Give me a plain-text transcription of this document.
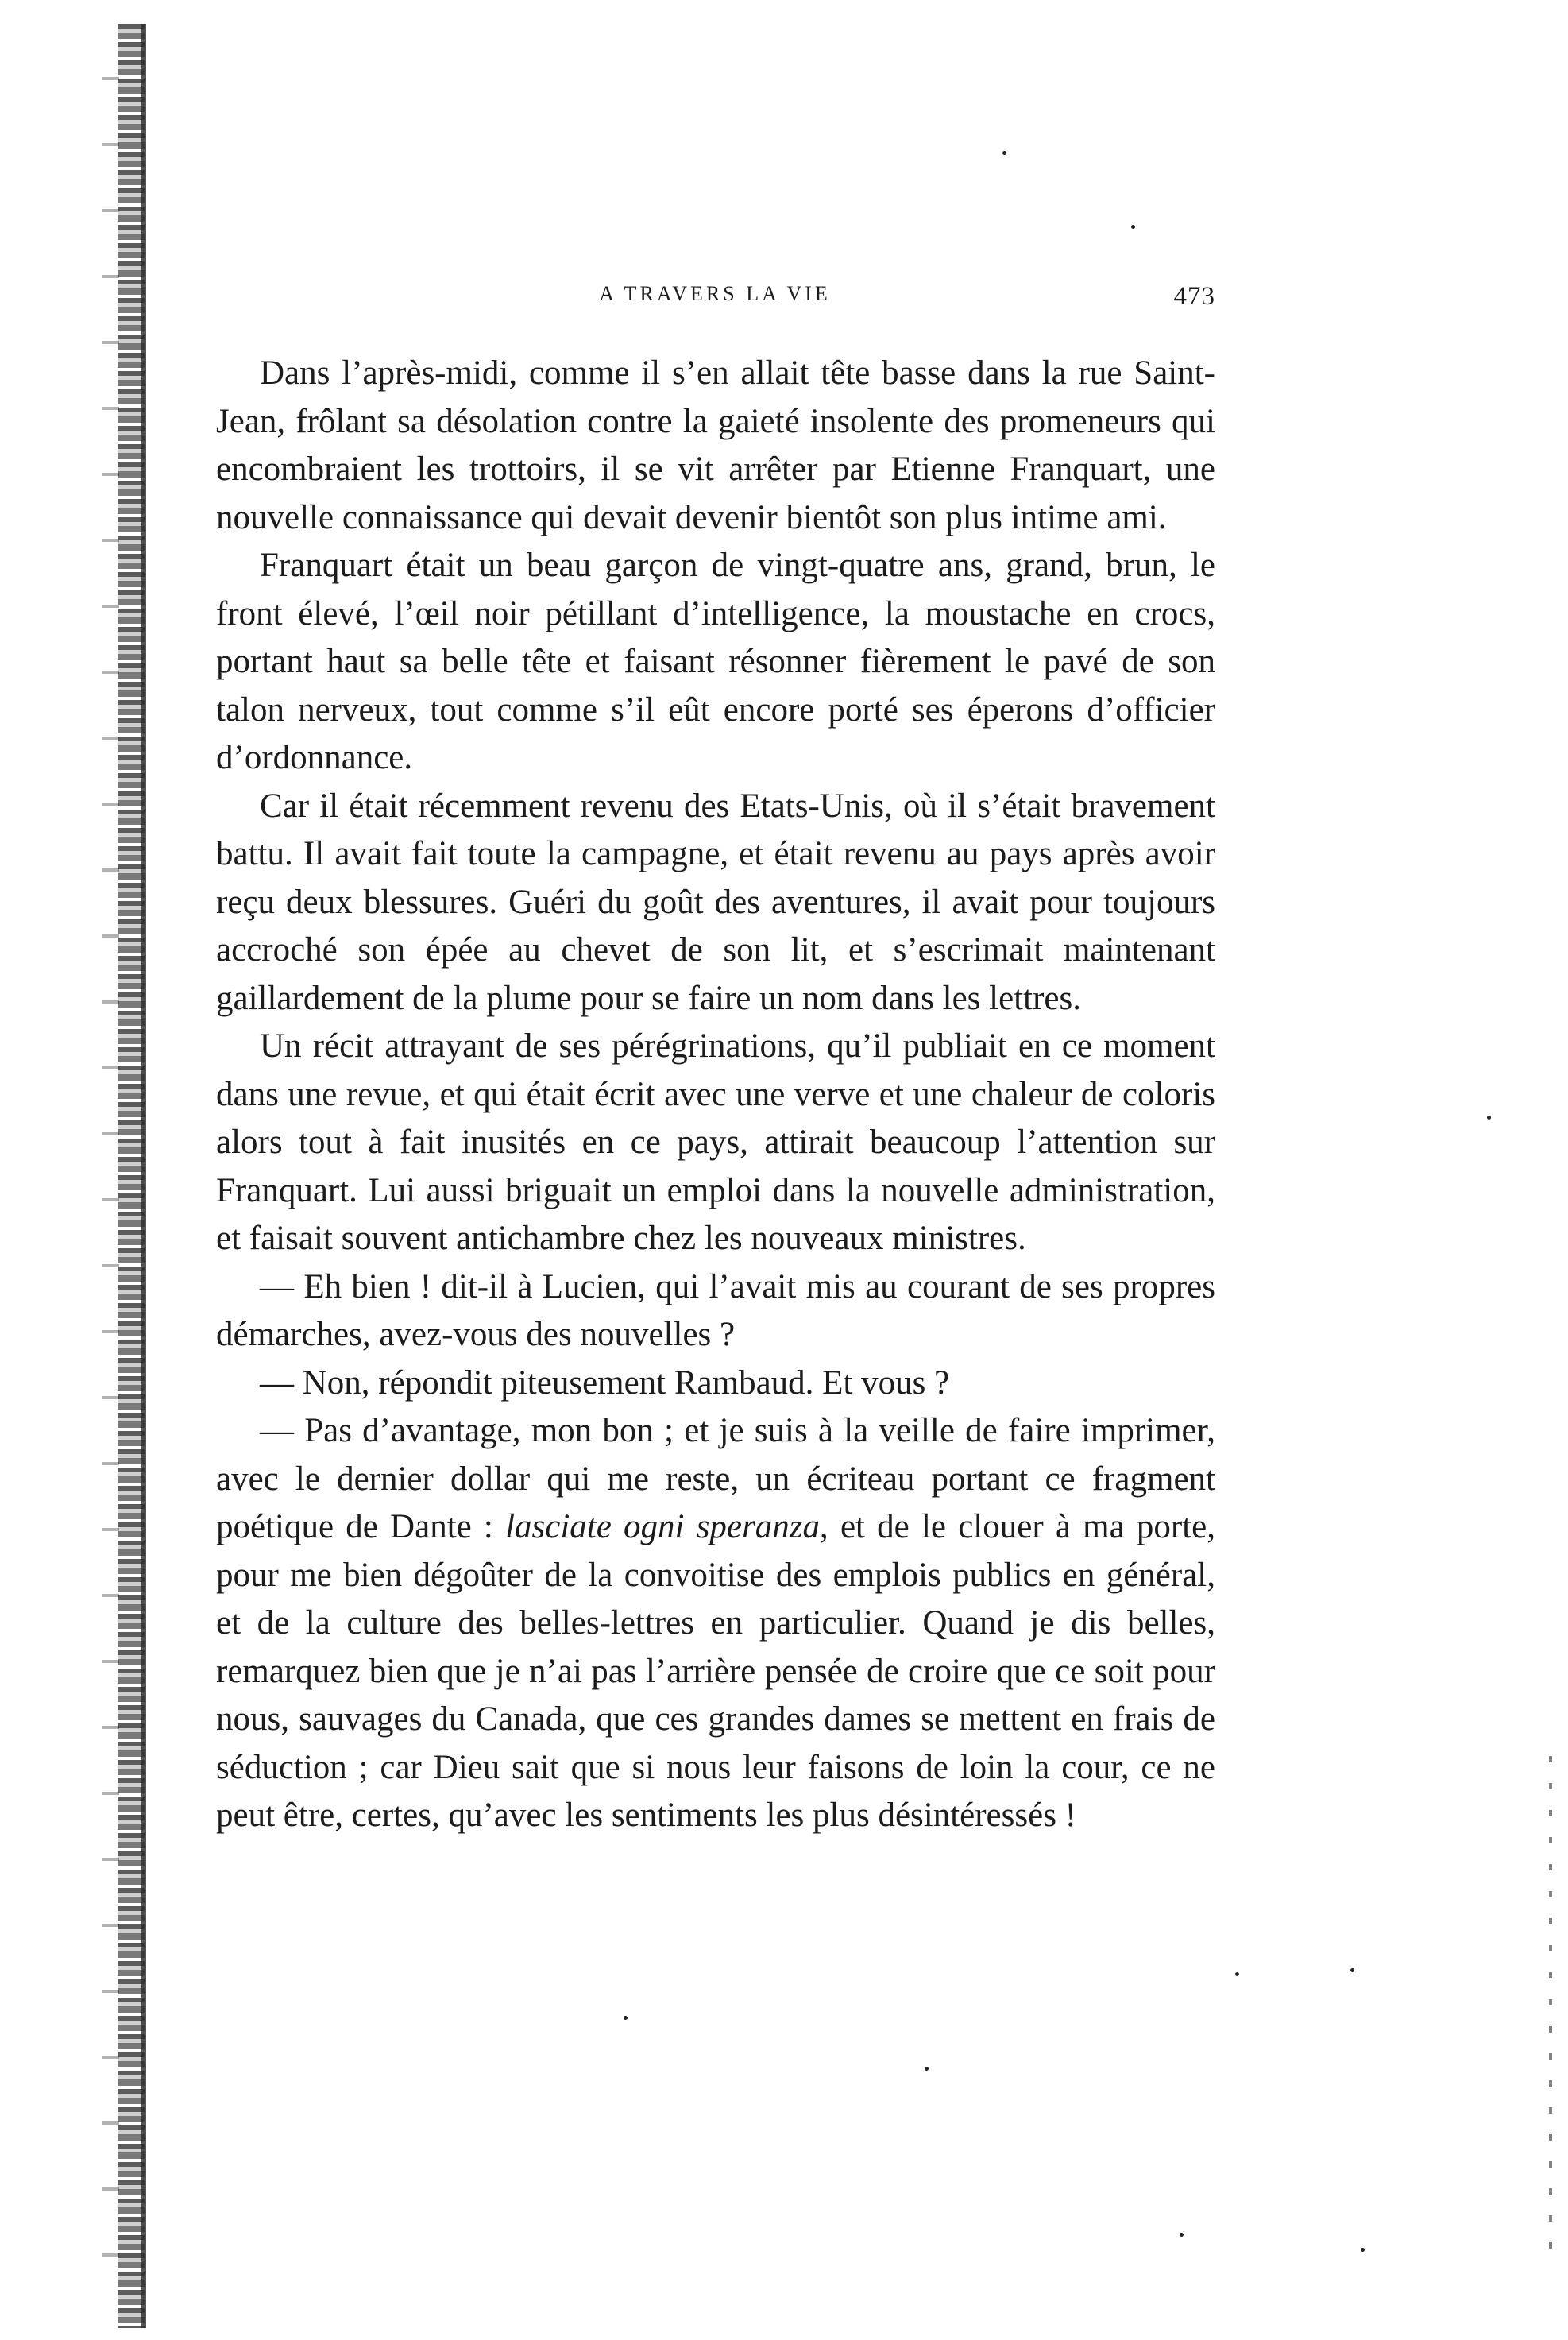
A TRAVERS LA VIE	473

Dans l’après-midi, comme il s’en allait tête basse dans la rue Saint-Jean, frôlant sa désolation contre la gaieté insolente des promeneurs qui encombraient les trottoirs, il se vit arrêter par Etienne Franquart, une nouvelle connaissance qui devait devenir bientôt son plus intime ami.

Franquart était un beau garçon de vingt-quatre ans, grand, brun, le front élevé, l’œil noir pétillant d’intelligence, la moustache en crocs, portant haut sa belle tête et faisant résonner fièrement le pavé de son talon nerveux, tout comme s’il eût encore porté ses éperons d’officier d’ordonnance.

Car il était récemment revenu des Etats-Unis, où il s’était bravement battu. Il avait fait toute la campagne, et était revenu au pays après avoir reçu deux blessures. Guéri du goût des aventures, il avait pour toujours accroché son épée au chevet de son lit, et s’escrimait maintenant gaillardement de la plume pour se faire un nom dans les lettres.

Un récit attrayant de ses pérégrinations, qu’il publiait en ce moment dans une revue, et qui était écrit avec une verve et une chaleur de coloris alors tout à fait inusités en ce pays, attirait beaucoup l’attention sur Franquart. Lui aussi briguait un emploi dans la nouvelle administration, et faisait souvent antichambre chez les nouveaux ministres.

— Eh bien ! dit-il à Lucien, qui l’avait mis au courant de ses propres démarches, avez-vous des nouvelles ?

— Non, répondit piteusement Rambaud. Et vous ?

— Pas d’avantage, mon bon ; et je suis à la veille de faire imprimer, avec le dernier dollar qui me reste, un écriteau portant ce fragment poétique de Dante : lasciate ogni speranza, et de le clouer à ma porte, pour me bien dégoûter de la convoitise des emplois publics en général, et de la culture des belles-lettres en particulier. Quand je dis belles, remarquez bien que je n’ai pas l’arrière pensée de croire que ce soit pour nous, sauvages du Canada, que ces grandes dames se mettent en frais de séduction ; car Dieu sait que si nous leur faisons de loin la cour, ce ne peut être, certes, qu’avec les sentiments les plus désintéressés !
